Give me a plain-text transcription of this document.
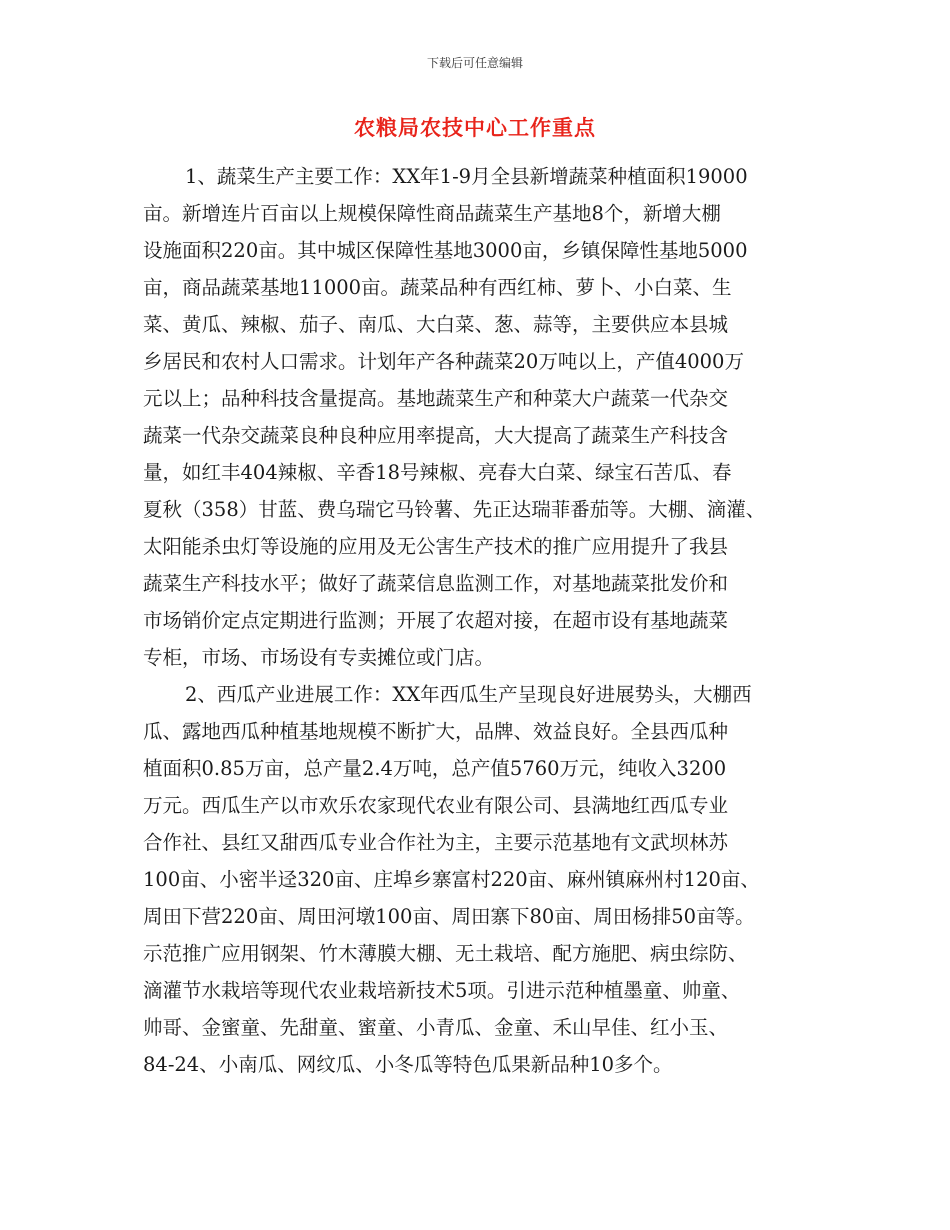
下载后可任意编辑
农粮局农技中心工作重点
1、蔬菜生产主要工作：XX年1-9月全县新增蔬菜种植面积19000
亩。新增连片百亩以上规模保障性商品蔬菜生产基地8个，新增大棚
设施面积220亩。其中城区保障性基地3000亩，乡镇保障性基地5000
亩，商品蔬菜基地11000亩。蔬菜品种有西红柿、萝卜、小白菜、生
菜、黄瓜、辣椒、茄子、南瓜、大白菜、葱、蒜等，主要供应本县城
乡居民和农村人口需求。计划年产各种蔬菜20万吨以上，产值4000万
元以上；品种科技含量提高。基地蔬菜生产和种菜大户蔬菜一代杂交
蔬菜一代杂交蔬菜良种良种应用率提高，大大提高了蔬菜生产科技含
量，如红丰404辣椒、辛香18号辣椒、亮春大白菜、绿宝石苦瓜、春
夏秋（358）甘蓝、费乌瑞它马铃薯、先正达瑞菲番茄等。大棚、滴灌、
太阳能杀虫灯等设施的应用及无公害生产技术的推广应用提升了我县
蔬菜生产科技水平；做好了蔬菜信息监测工作，对基地蔬菜批发价和
市场销价定点定期进行监测；开展了农超对接，在超市设有基地蔬菜
专柜，市场、市场设有专卖摊位或门店。
2、西瓜产业进展工作：XX年西瓜生产呈现良好进展势头，大棚西
瓜、露地西瓜种植基地规模不断扩大，品牌、效益良好。全县西瓜种
植面积0.85万亩，总产量2.4万吨，总产值5760万元，纯收入3200
万元。西瓜生产以市欢乐农家现代农业有限公司、县满地红西瓜专业
合作社、县红又甜西瓜专业合作社为主，主要示范基地有文武坝林苏
100亩、小密半迳320亩、庄埠乡寨富村220亩、麻州镇麻州村120亩、
周田下营220亩、周田河墩100亩、周田寨下80亩、周田杨排50亩等。
示范推广应用钢架、竹木薄膜大棚、无土栽培、配方施肥、病虫综防、
滴灌节水栽培等现代农业栽培新技术5项。引进示范种植墨童、帅童、
帅哥、金蜜童、先甜童、蜜童、小青瓜、金童、禾山早佳、红小玉、
84-24、小南瓜、网纹瓜、小冬瓜等特色瓜果新品种10多个。
